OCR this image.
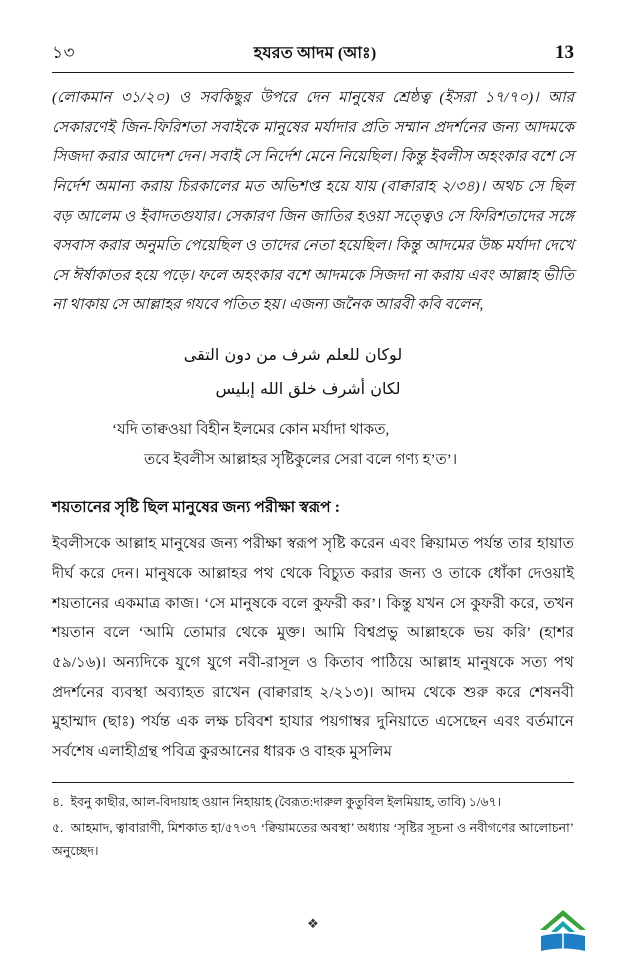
১৩	হযরত আদম (আঃ)	13

(লোকমান ৩১/২০) ও সবকিছুর উপরে দেন মানুষের শ্রেষ্ঠত্ব (ইসরা ১৭/৭০)। আর সেকারণেই জিন-ফিরিশতা সবাইকে মানুষের মর্যাদার প্রতি সম্মান প্রদর্শনের জন্য আদমকে সিজদা করার আদেশ দেন। সবাই সে নির্দেশ মেনে নিয়েছিল। কিন্তু ইবলীস অহংকার বশে সে নির্দেশ অমান্য করায় চিরকালের মত অভিশপ্ত হয়ে যায় (বাক্বারাহ ২/৩৪)। অথচ সে ছিল বড় আলেম ও ইবাদতগুযার। সেকারণ জিন জাতির হওয়া সত্ত্বেও সে ফিরিশতাদের সঙ্গে বসবাস করার অনুমতি পেয়েছিল ও তাদের নেতা হয়েছিল। কিন্তু আদমের উচ্চ মর্যাদা দেখে সে ঈর্ষাকাতর হয়ে পড়ে। ফলে অহংকার বশে আদমকে সিজদা না করায় এবং আল্লাহ ভীতি না থাকায় সে আল্লাহর গযবে পতিত হয়। এজন্য জনৈক আরবী কবি বলেন,

لوكان للعلم شرف من دون التقى
لكان أشرف خلق الله إبليس
‘যদি তাক্বওয়া বিহীন ইলমের কোন মর্যাদা থাকত,
তবে ইবলীস আল্লাহর সৃষ্টিকুলের সেরা বলে গণ্য হ’ত’।
শয়তানের সৃষ্টি ছিল মানুষের জন্য পরীক্ষা স্বরূপ :

ইবলীসকে আল্লাহ মানুষের জন্য পরীক্ষা স্বরূপ সৃষ্টি করেন এবং ক্বিয়ামত পর্যন্ত তার হায়াত দীর্ঘ করে দেন। মানুষকে আল্লাহর পথ থেকে বিচ্যুত করার জন্য ও তাকে ধোঁকা দেওয়াই শয়তানের একমাত্র কাজ। ‘সে মানুষকে বলে কুফরী কর’। কিন্তু যখন সে কুফরী করে, তখন শয়তান বলে ‘আমি তোমার থেকে মুক্ত। আমি বিশ্বপ্রভু আল্লাহকে ভয় করি’ (হাশর ৫৯/১৬)। অন্যদিকে যুগে যুগে নবী-রাসূল ও কিতাব পাঠিয়ে আল্লাহ মানুষকে সত্য পথ প্রদর্শনের ব্যবস্থা অব্যাহত রাখেন (বাক্বারাহ ২/২১৩)। আদম থেকে শুরু করে শেষনবী মুহাম্মাদ (ছাঃ) পর্যন্ত এক লক্ষ চবিবশ হাযার পয়গাম্বর দুনিয়াতে এসেছেন এবং বর্তমানে সর্বশেষ এলাহীগ্রন্থ পবিত্র কুরআনের ধারক ও বাহক মুসলিম

৪. ইবনু কাছীর, আল-বিদায়াহ ওয়ান নিহায়াহ (বৈরূত:দারুল কুতুবিল ইলমিয়াহ, তাবি) ১/৬৭।

৫. আহমাদ, ত্বাবারাণী, মিশকাত হা/৫৭৩৭ ‘ক্বিয়ামতের অবস্থা’ অধ্যায় ‘সৃষ্টির সূচনা ও নবীগণের আলোচনা’ অনুচ্ছেদ।

❖
